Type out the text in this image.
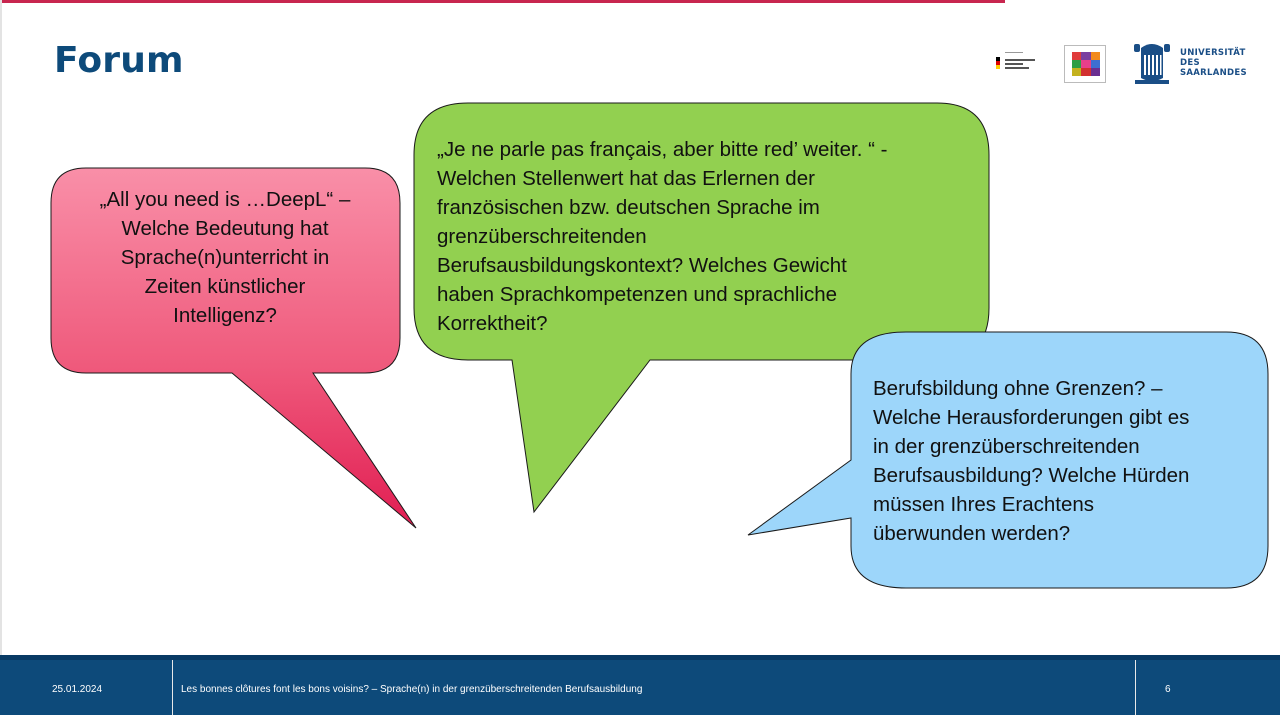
Forum	UNIVERSITÄT
DES
SAARLANDES
„All you need is …DeepL“ –
Welche Bedeutung hat
Sprache(n)unterricht in
Zeiten künstlicher
Intelligenz?
„Je ne parle pas français, aber bitte red’ weiter. “ -
Welchen Stellenwert hat das Erlernen der
französischen bzw. deutschen Sprache im
grenzüberschreitenden
Berufsausbildungskontext? Welches Gewicht
haben Sprachkompetenzen und sprachliche
Korrektheit?
Berufsbildung ohne Grenzen? –
Welche Herausforderungen gibt es
in der grenzüberschreitenden
Berufsausbildung? Welche Hürden
müssen Ihres Erachtens
überwunden werden?
25.01.2024	Les bonnes clôtures font les bons voisins? – Sprache(n) in der grenzüberschreitenden Berufsausbildung	6
